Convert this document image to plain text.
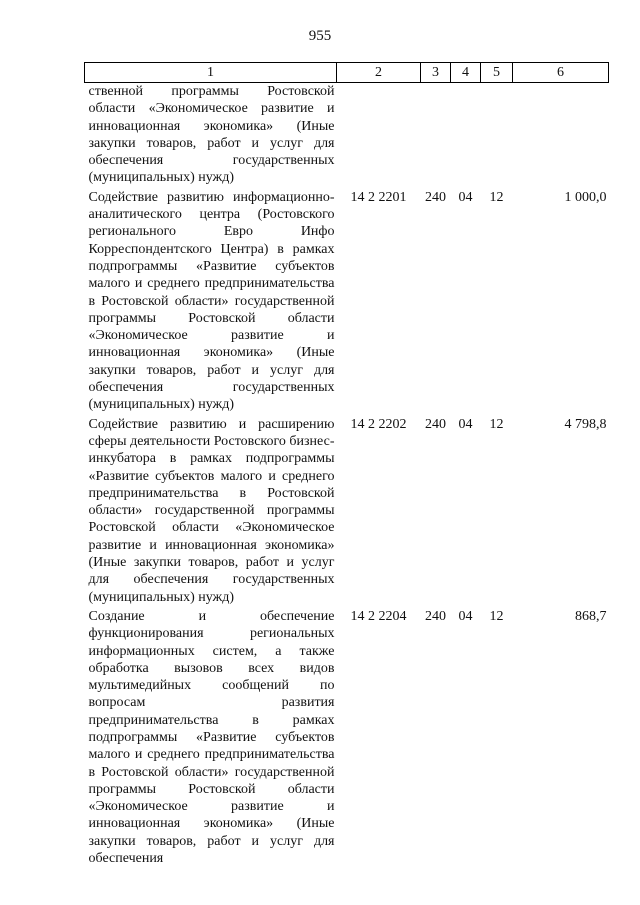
955
1	2	3	4	5	6
ственной программы Ростовской области «Экономическое развитие и инновационная экономика» (Иные закупки товаров, работ и услуг для обеспечения государственных (муниципальных) нужд)					
Содействие развитию информационно-аналитического центра (Ростовского регионального Евро Инфо Корреспондентского Центра) в рамках подпрограммы «Развитие субъектов малого и среднего предпринимательства в Ростовской области» государственной программы Ростовской области «Экономическое развитие и инновационная экономика» (Иные закупки товаров, работ и услуг для обеспечения государственных (муниципальных) нужд)	14 2 2201	240	04	12	1 000,0
Содействие развитию и расширению сферы деятельности Ростовского бизнес-инкубатора в рамках подпрограммы «Развитие субъектов малого и среднего предпринимательства в Ростовской области» государственной программы Ростовской области «Экономическое развитие и инновационная экономика» (Иные закупки товаров, работ и услуг для обеспечения государственных (муниципальных) нужд)	14 2 2202	240	04	12	4 798,8
Создание и обеспечение функционирования региональных информационных систем, а также обработка вызовов всех видов мультимедийных сообщений по вопросам развития предпринимательства в рамках подпрограммы «Развитие субъектов малого и среднего предпринимательства в Ростовской области» государственной программы Ростовской области «Экономическое развитие и инновационная экономика» (Иные закупки товаров, работ и услуг для обеспечения	14 2 2204	240	04	12	868,7
